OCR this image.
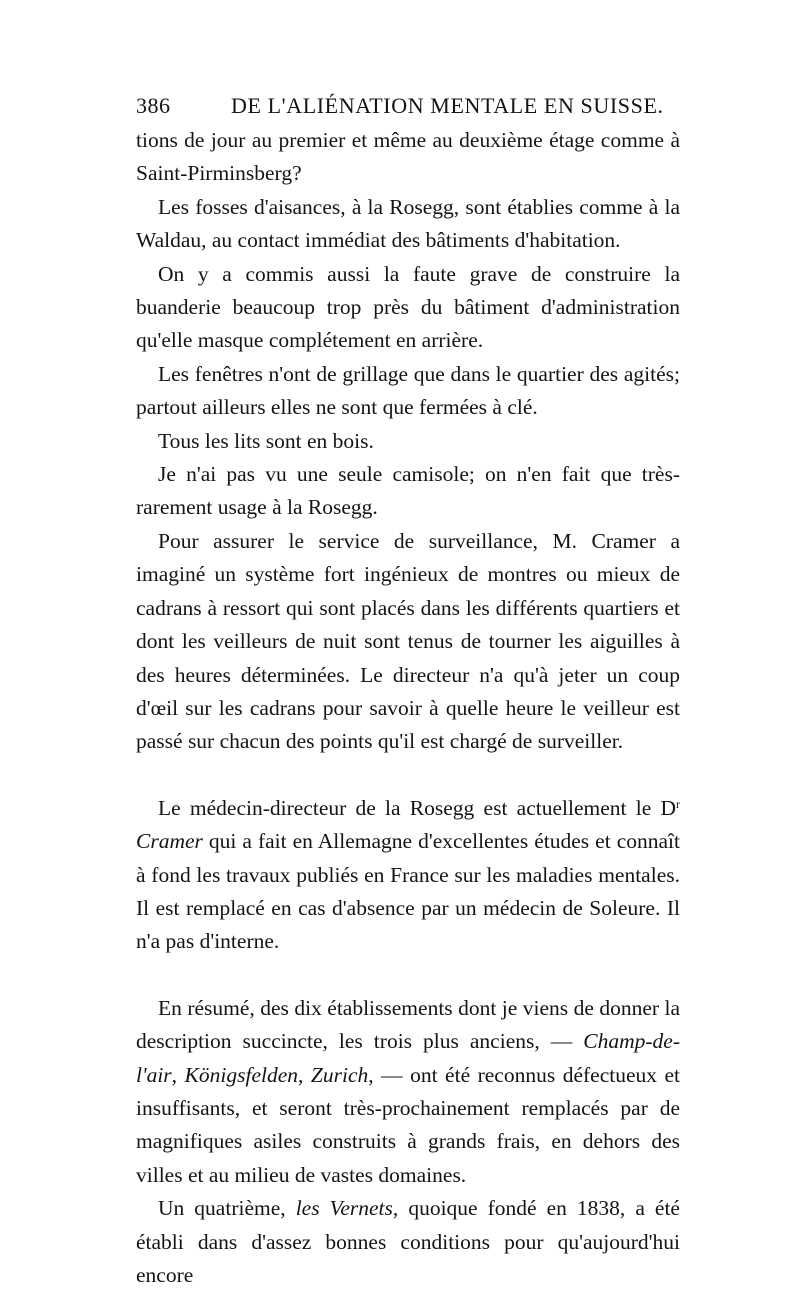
386	DE L'ALIÉNATION MENTALE EN SUISSE.

tions de jour au premier et même au deuxième étage comme à Saint-Pirminsberg?

Les fosses d'aisances, à la Rosegg, sont établies comme à la Waldau, au contact immédiat des bâtiments d'habitation.

On y a commis aussi la faute grave de construire la buanderie beaucoup trop près du bâtiment d'administration qu'elle masque complétement en arrière.

Les fenêtres n'ont de grillage que dans le quartier des agités; partout ailleurs elles ne sont que fermées à clé.

Tous les lits sont en bois.

Je n'ai pas vu une seule camisole; on n'en fait que très-rarement usage à la Rosegg.

Pour assurer le service de surveillance, M. Cramer a imaginé un système fort ingénieux de montres ou mieux de cadrans à ressort qui sont placés dans les différents quartiers et dont les veilleurs de nuit sont tenus de tourner les aiguilles à des heures déterminées. Le directeur n'a qu'à jeter un coup d'œil sur les cadrans pour savoir à quelle heure le veilleur est passé sur chacun des points qu'il est chargé de surveiller.

Le médecin-directeur de la Rosegg est actuellement le $D^r$ Cramer qui a fait en Allemagne d'excellentes études et connaît à fond les travaux publiés en France sur les maladies mentales. Il est remplacé en cas d'absence par un médecin de Soleure. Il n'a pas d'interne.

En résumé, des dix établissements dont je viens de donner la description succincte, les trois plus anciens, — Champ-de-l'air, Königsfelden, Zurich, — ont été reconnus défectueux et insuffisants, et seront très-prochainement remplacés par de magnifiques asiles construits à grands frais, en dehors des villes et au milieu de vastes domaines.

Un quatrième, les Vernets, quoique fondé en 1838, a été établi dans d'assez bonnes conditions pour qu'aujourd'hui encore
